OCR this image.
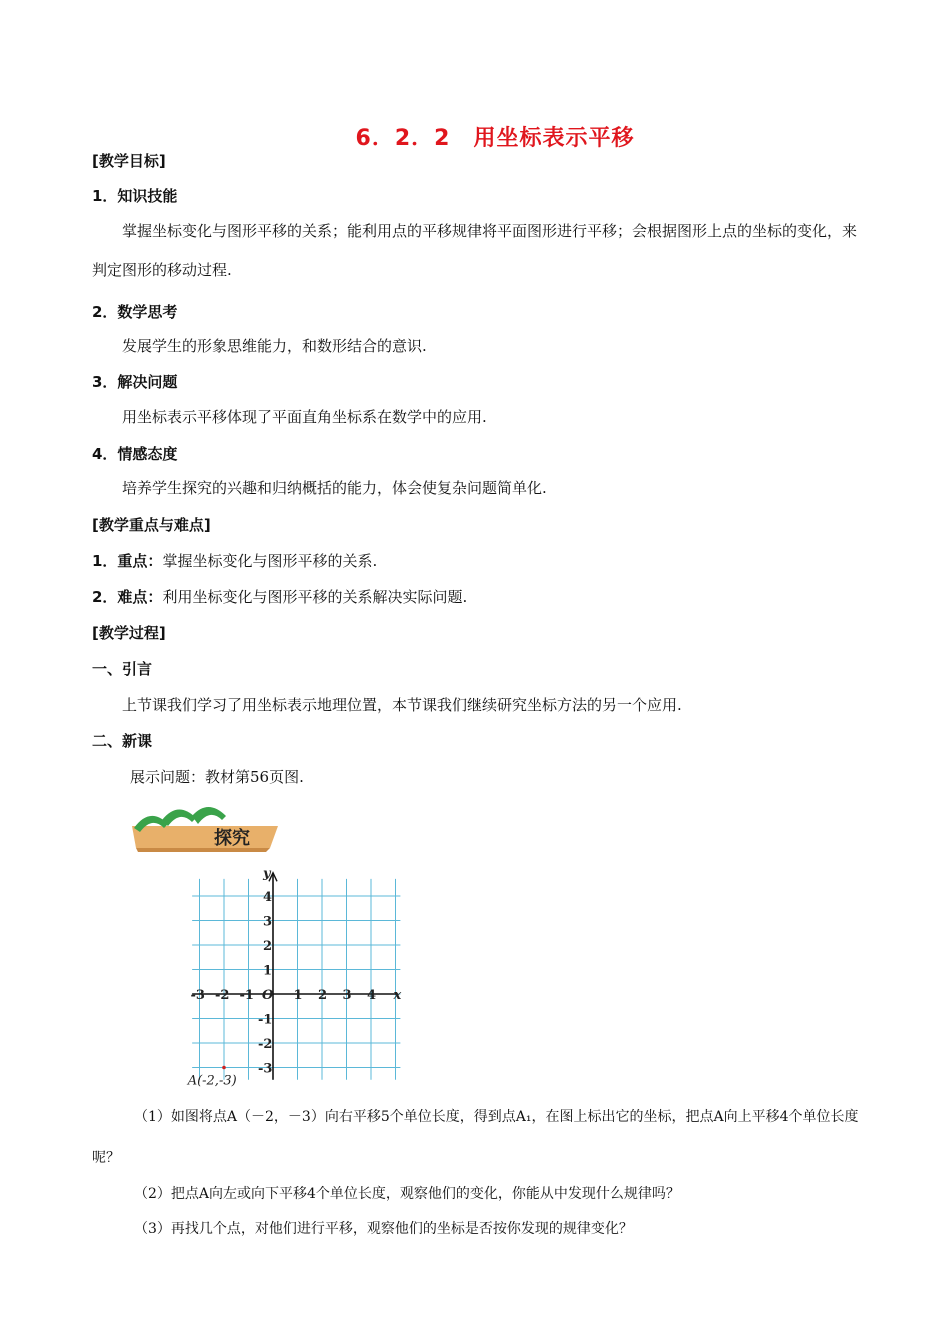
6．2．2　用坐标表示平移
[教学目标]
1．知识技能
掌握坐标变化与图形平移的关系；能利用点的平移规律将平面图形进行平移；会根据图形上点的坐标的变化，来判定图形的移动过程.
2．数学思考
发展学生的形象思维能力，和数形结合的意识.
3．解决问题
用坐标表示平移体现了平面直角坐标系在数学中的应用.
4．情感态度
培养学生探究的兴趣和归纳概括的能力，体会使复杂问题简单化.
[教学重点与难点]
1．重点：掌握坐标变化与图形平移的关系.
2．难点：利用坐标变化与图形平移的关系解决实际问题.
[教学过程]
一、引言
上节课我们学习了用坐标表示地理位置，本节课我们继续研究坐标方法的另一个应用.
二、新课
展示问题：教材第56页图.
探究
-3 -2 -1	1 2 3 4
4
3
2
1
-1
-2
-3
O	x
y
A(-2,-3)
（1）如图将点A（－2，－3）向右平移5个单位长度，得到点A₁，在图上标出它的坐标，把点A向上平移4个单位长度呢？
（2）把点A向左或向下平移4个单位长度，观察他们的变化，你能从中发现什么规律吗？
（3）再找几个点，对他们进行平移，观察他们的坐标是否按你发现的规律变化？
